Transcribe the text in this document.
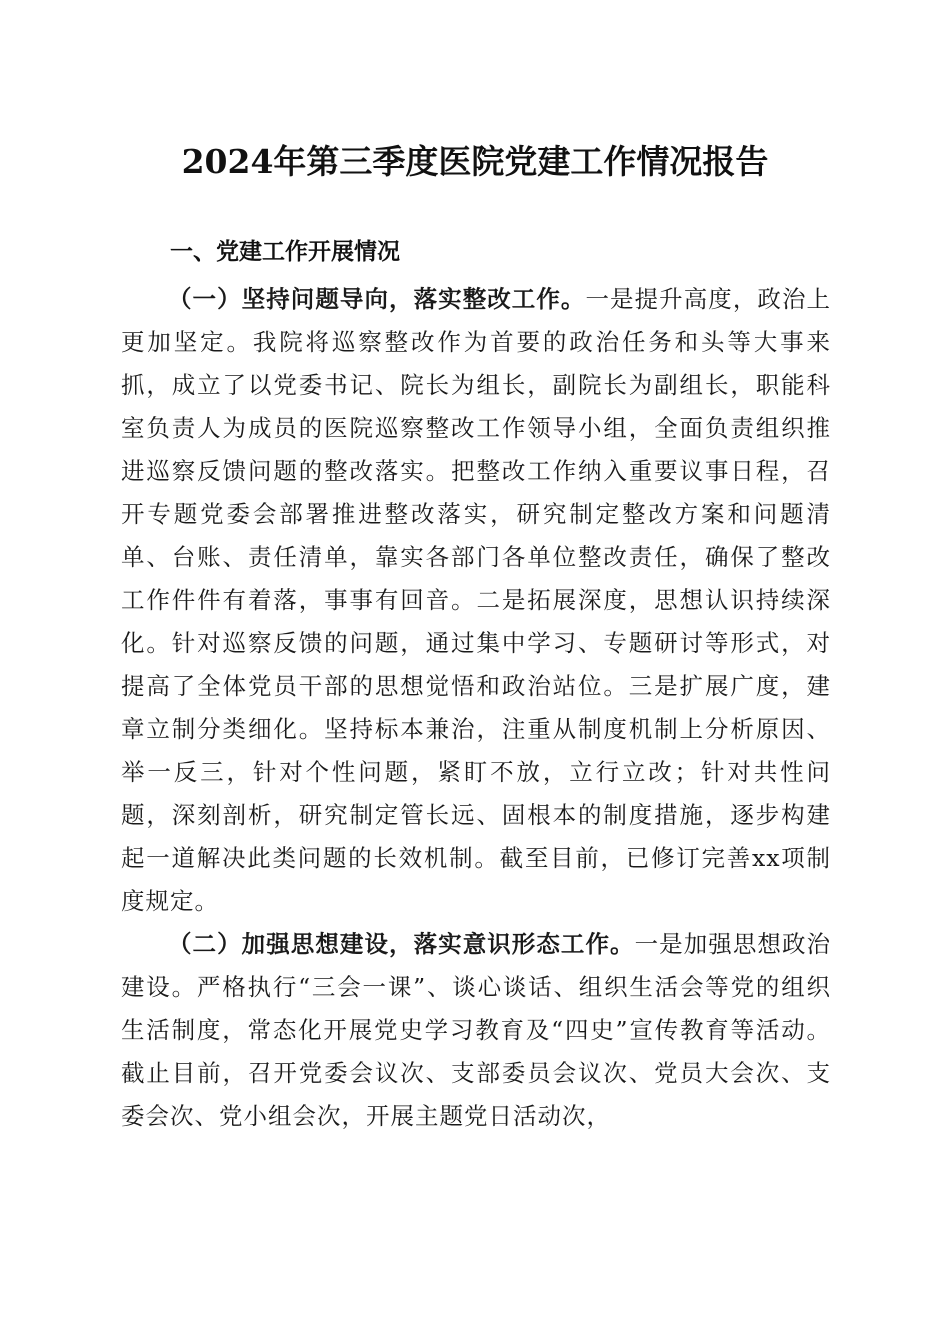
2024年第三季度医院党建工作情况报告
一、党建工作开展情况

（一）坚持问题导向，落实整改工作。一是提升高度，政治上更加坚定。我院将巡察整改作为首要的政治任务和头等大事来抓，成立了以党委书记、院长为组长，副院长为副组长，职能科室负责人为成员的医院巡察整改工作领导小组，全面负责组织推进巡察反馈问题的整改落实。把整改工作纳入重要议事日程，召开专题党委会部署推进整改落实，研究制定整改方案和问题清单、台账、责任清单，靠实各部门各单位整改责任，确保了整改工作件件有着落，事事有回音。二是拓展深度，思想认识持续深化。针对巡察反馈的问题，通过集中学习、专题研讨等形式，对提高了全体党员干部的思想觉悟和政治站位。三是扩展广度，建章立制分类细化。坚持标本兼治，注重从制度机制上分析原因、举一反三，针对个性问题，紧盯不放，立行立改；针对共性问题，深刻剖析，研究制定管长远、固根本的制度措施，逐步构建起一道解决此类问题的长效机制。截至目前，已修订完善xx项制度规定。

（二）加强思想建设，落实意识形态工作。一是加强思想政治建设。严格执行“三会一课”、谈心谈话、组织生活会等党的组织生活制度，常态化开展党史学习教育及“四史”宣传教育等活动。截止目前，召开党委会议次、支部委员会议次、党员大会次、支委会次、党小组会次，开展主题党日活动次，
